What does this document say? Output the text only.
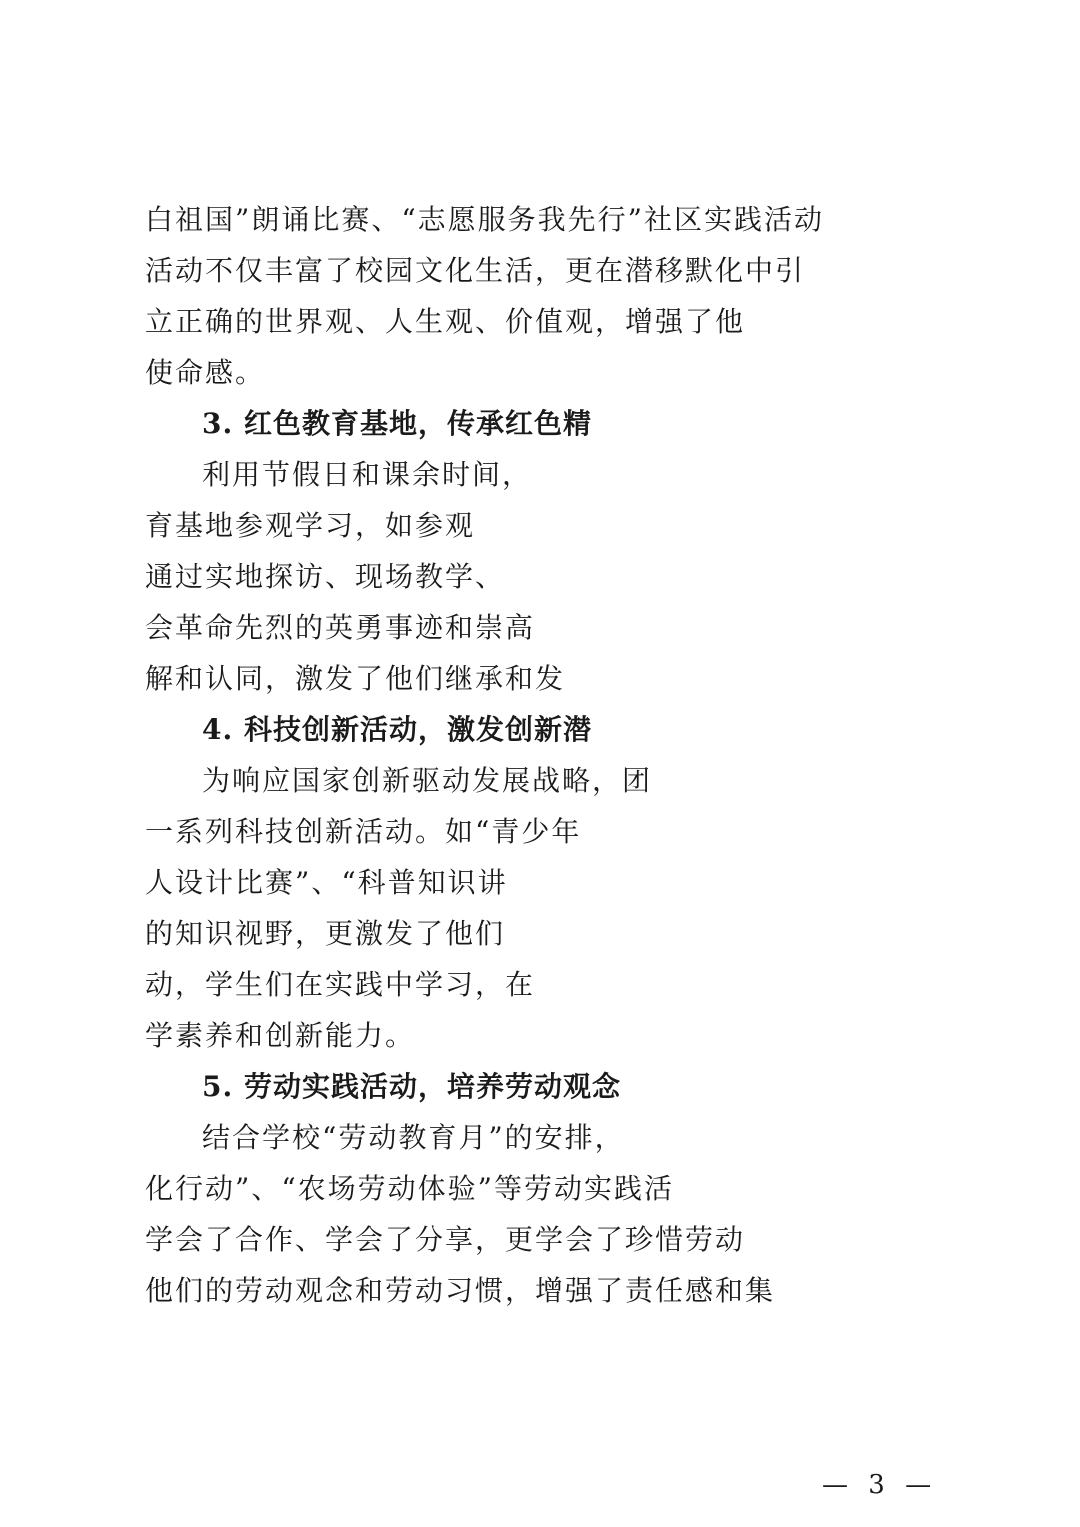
白祖国”朗诵比赛、“志愿服务我先行”社区实践活动
活动不仅丰富了校园文化生活，更在潜移默化中引
立正确的世界观、人生观、价值观，增强了他
使命感。
3. 红色教育基地，传承红色精
利用节假日和课余时间，
育基地参观学习，如参观
通过实地探访、现场教学、
会革命先烈的英勇事迹和崇高
解和认同，激发了他们继承和发
4. 科技创新活动，激发创新潜
为响应国家创新驱动发展战略，团
一系列科技创新活动。如“青少年
人设计比赛”、“科普知识讲
的知识视野，更激发了他们
动，学生们在实践中学习，在
学素养和创新能力。
5. 劳动实践活动，培养劳动观念
结合学校“劳动教育月”的安排，
化行动”、“农场劳动体验”等劳动实践活
学会了合作、学会了分享，更学会了珍惜劳动
他们的劳动观念和劳动习惯，增强了责任感和集
— 3 —
